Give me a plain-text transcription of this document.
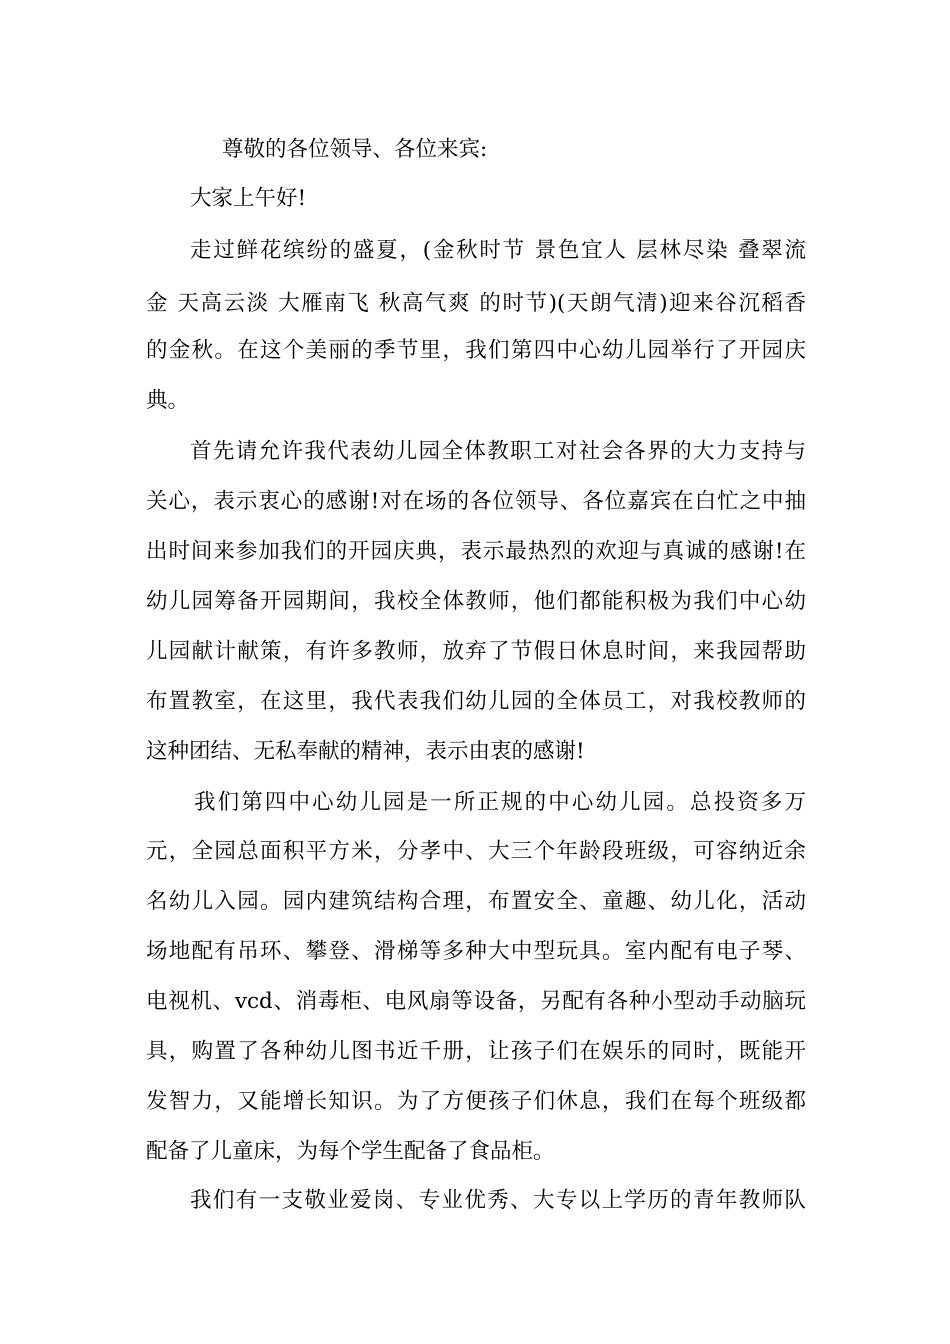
尊敬的各位领导、各位来宾:
大家上午好!
走过鲜花缤纷的盛夏，(金秋时节 景色宜人 层林尽染 叠翠流
金 天高云淡 大雁南飞 秋高气爽 的时节)(天朗气清)迎来谷沉稻香
的金秋。在这个美丽的季节里，我们第四中心幼儿园举行了开园庆
典。
首先请允许我代表幼儿园全体教职工对社会各界的大力支持与
关心，表示衷心的感谢!对在场的各位领导、各位嘉宾在白忙之中抽
出时间来参加我们的开园庆典，表示最热烈的欢迎与真诚的感谢!在
幼儿园筹备开园期间，我校全体教师，他们都能积极为我们中心幼
儿园献计献策，有许多教师，放弃了节假日休息时间，来我园帮助
布置教室，在这里，我代表我们幼儿园的全体员工，对我校教师的
这种团结、无私奉献的精神，表示由衷的感谢!
我们第四中心幼儿园是一所正规的中心幼儿园。总投资多万
元，全园总面积平方米，分孝中、大三个年龄段班级，可容纳近余
名幼儿入园。园内建筑结构合理，布置安全、童趣、幼儿化，活动
场地配有吊环、攀登、滑梯等多种大中型玩具。室内配有电子琴、
电视机、vcd、消毒柜、电风扇等设备，另配有各种小型动手动脑玩
具，购置了各种幼儿图书近千册，让孩子们在娱乐的同时，既能开
发智力，又能增长知识。为了方便孩子们休息，我们在每个班级都
配备了儿童床，为每个学生配备了食品柜。
我们有一支敬业爱岗、专业优秀、大专以上学历的青年教师队
